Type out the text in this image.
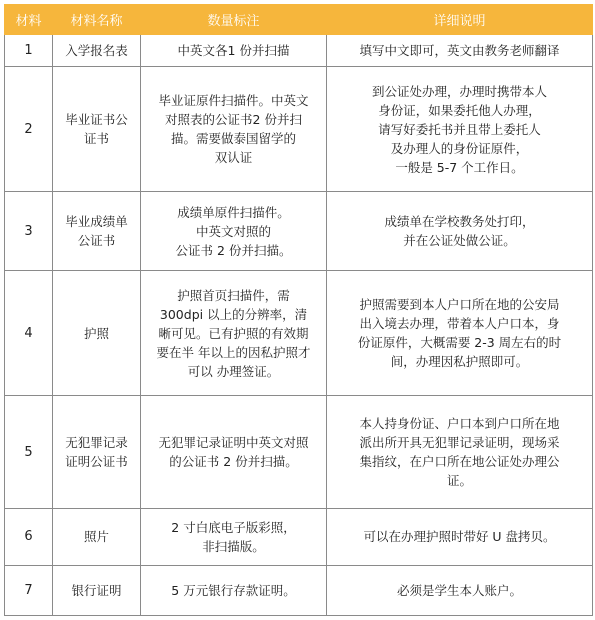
材料	材料名称	数量标注	详细说明
1	入学报名表	中英文各1 份并扫描	填写中文即可，英文由教务老师翻译
2	毕业证书公
证书	毕业证原件扫描件。中英文
对照表的公证书2 份并扫
描。需要做泰国留学的
双认证	到公证处办理，办理时携带本人
身份证，如果委托他人办理，
请写好委托书并且带上委托人
及办理人的身份证原件，
一般是 5-7 个工作日。
3	毕业成绩单
公证书	成绩单原件扫描件。
中英文对照的
公证书 2 份并扫描。	成绩单在学校教务处打印，
并在公证处做公证。
4	护照	护照首页扫描件，需
300dpi 以上的分辨率，清
晰可见。已有护照的有效期
要在半 年以上的因私护照才
可以 办理签证。	护照需要到本人户口所在地的公安局
出入境去办理，带着本人户口本，身
份证原件，大概需要 2-3 周左右的时
间，办理因私护照即可。
5	无犯罪记录
证明公证书	无犯罪记录证明中英文对照
的公证书 2 份并扫描。	本人持身份证、户口本到户口所在地
派出所开具无犯罪记录证明，现场采
集指纹，在户口所在地公证处办理公
证。
6	照片	2 寸白底电子版彩照，
非扫描版。	可以在办理护照时带好 U 盘拷贝。
7	银行证明	5 万元银行存款证明。	必须是学生本人账户。
